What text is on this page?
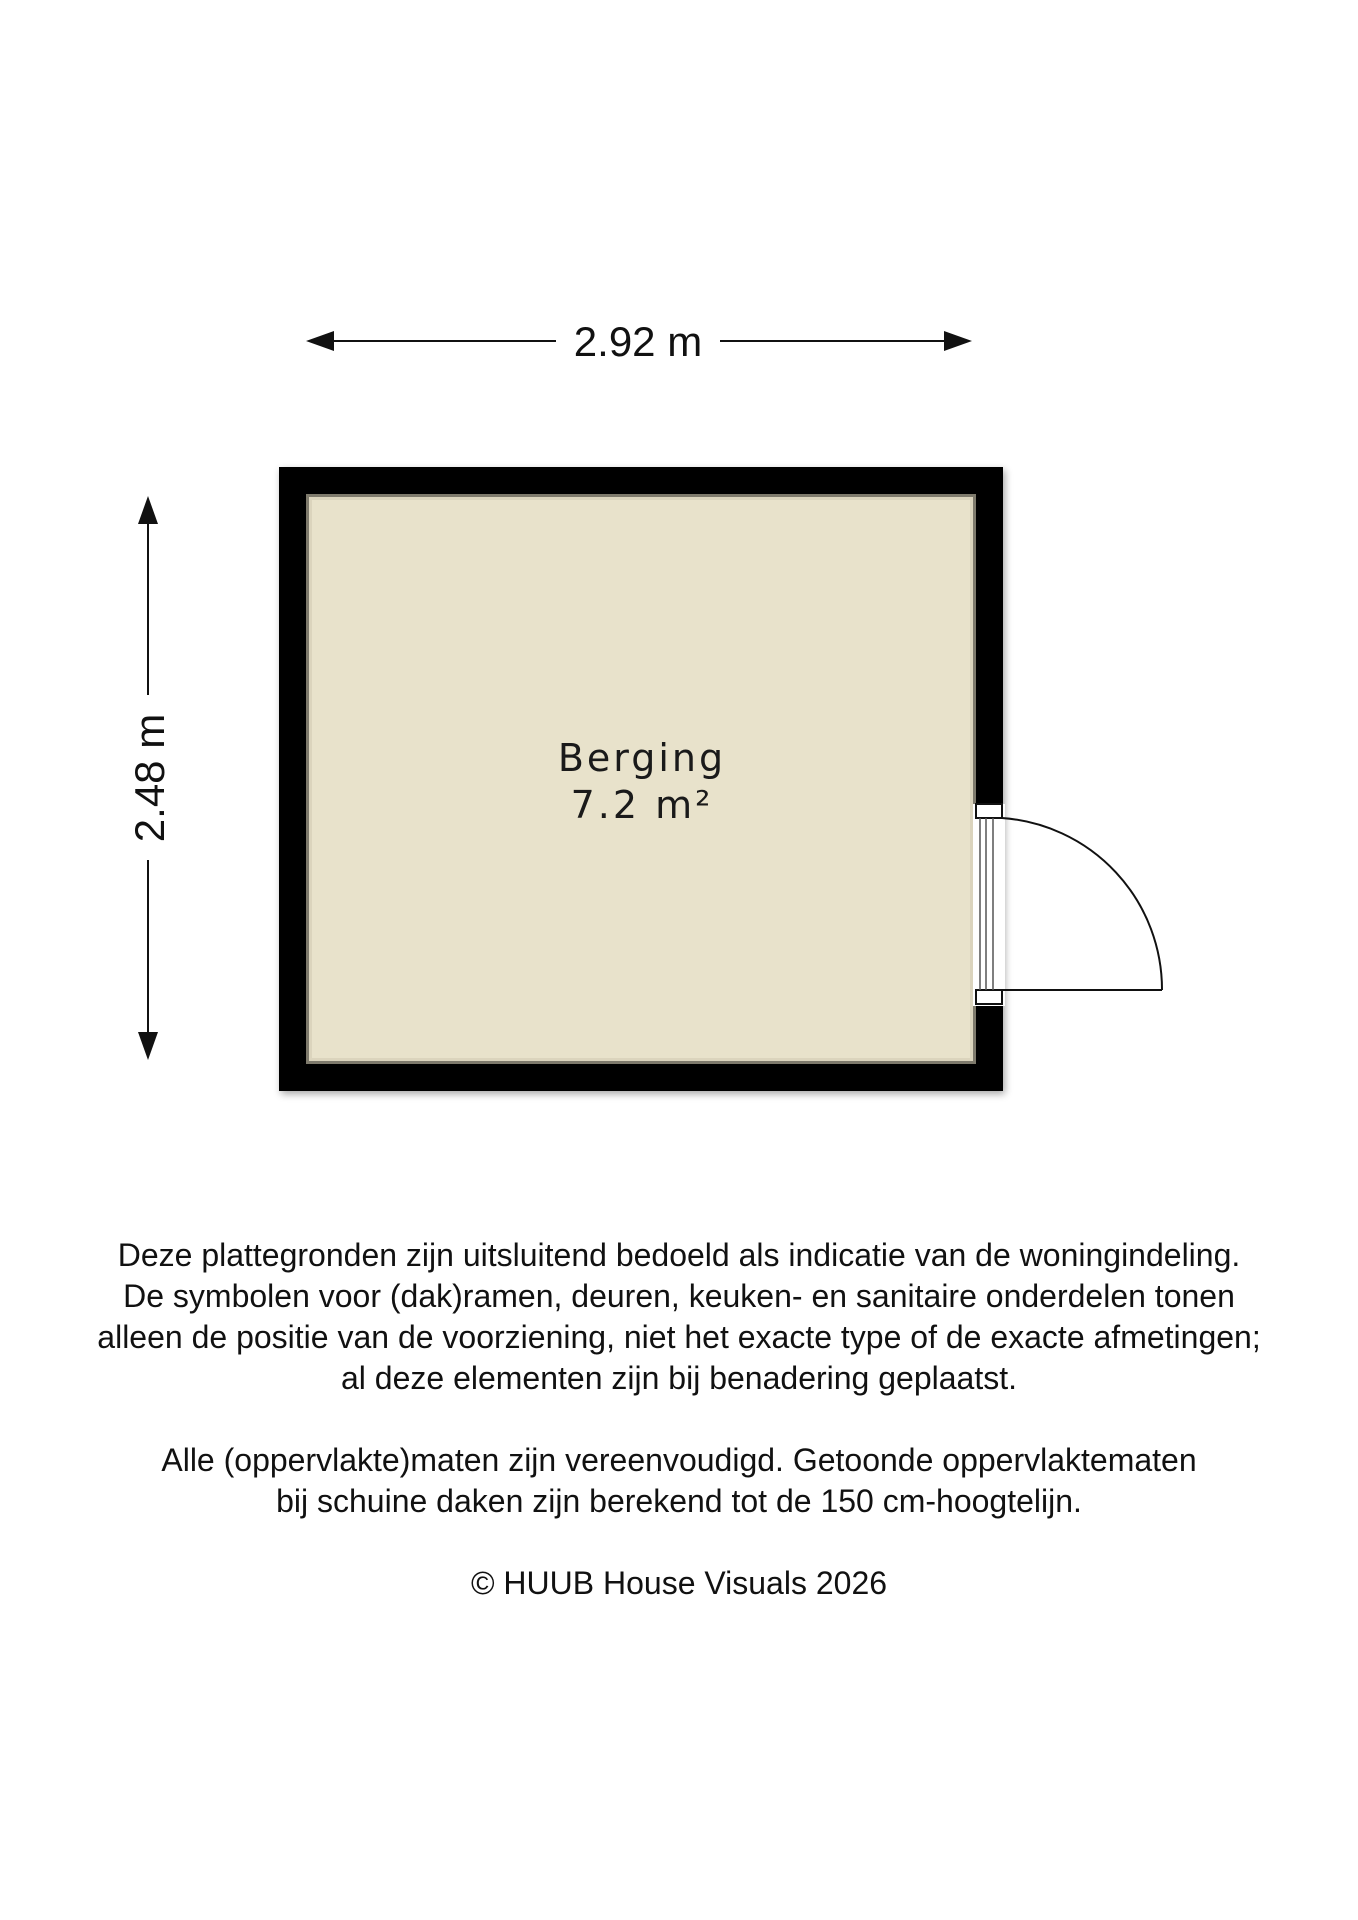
2.92 m
2.48 m	Berging
7.2 m²

Deze plattegronden zijn uitsluitend bedoeld als indicatie van de woningindeling.
De symbolen voor (dak)ramen, deuren, keuken- en sanitaire onderdelen tonen
alleen de positie van de voorziening, niet het exacte type of de exacte afmetingen;
al deze elementen zijn bij benadering geplaatst.

Alle (oppervlakte)maten zijn vereenvoudigd. Getoonde oppervlaktematen
bij schuine daken zijn berekend tot de 150 cm-hoogtelijn.

© HUUB House Visuals 2026
